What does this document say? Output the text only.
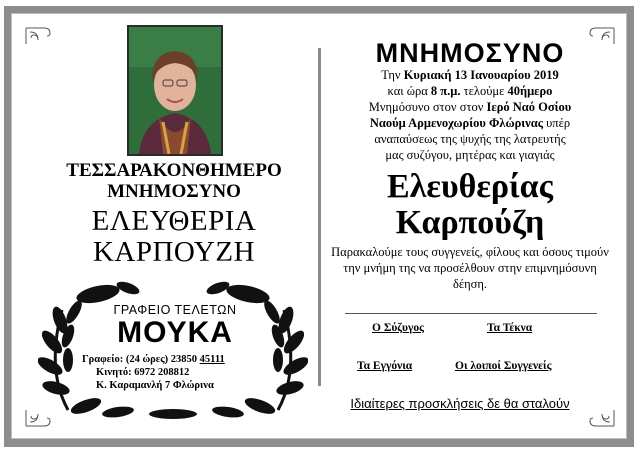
ΤΕΣΣΑΡΑΚΟΝΘΗΜΕΡΟ
ΜΝΗΜΟΣΥΝΟ
ΕΛΕΥΘΕΡΙΑ
ΚΑΡΠΟΥΖΗ
ΓΡΑΦΕΙΟ ΤΕΛΕΤΩΝ
ΜΟΥΚΑ
Γραφείο: (24 ώρες) 23850 45111
Κινητό: 6972 208812
Κ. Καραμανλή 7 Φλώρινα
ΜΝΗΜΟΣΥΝΟ
Την Κυριακή 13 Ιανουαρίου 2019
και ώρα 8 π.μ. τελούμε 40ήμερο
Μνημόσυνο στον στον Ιερό Ναό Οσίου
Ναούμ Αρμενοχωρίου Φλώρινας υπέρ
αναπαύσεως της ψυχής της λατρευτής
μας συζύγου, μητέρας και γιαγιάς
Ελευθερίας
Καρπούζη
Παρακαλούμε τους συγγενείς, φίλους και όσους τιμούν την μνήμη της να προσέλθουν στην επιμνημόσυνη δέηση.
Ο Σύζυγος	Τα Τέκνα
Τα Εγγόνια	Οι λοιποί Συγγενείς
Ιδιαίτερες προσκλήσεις δε θα σταλούν
